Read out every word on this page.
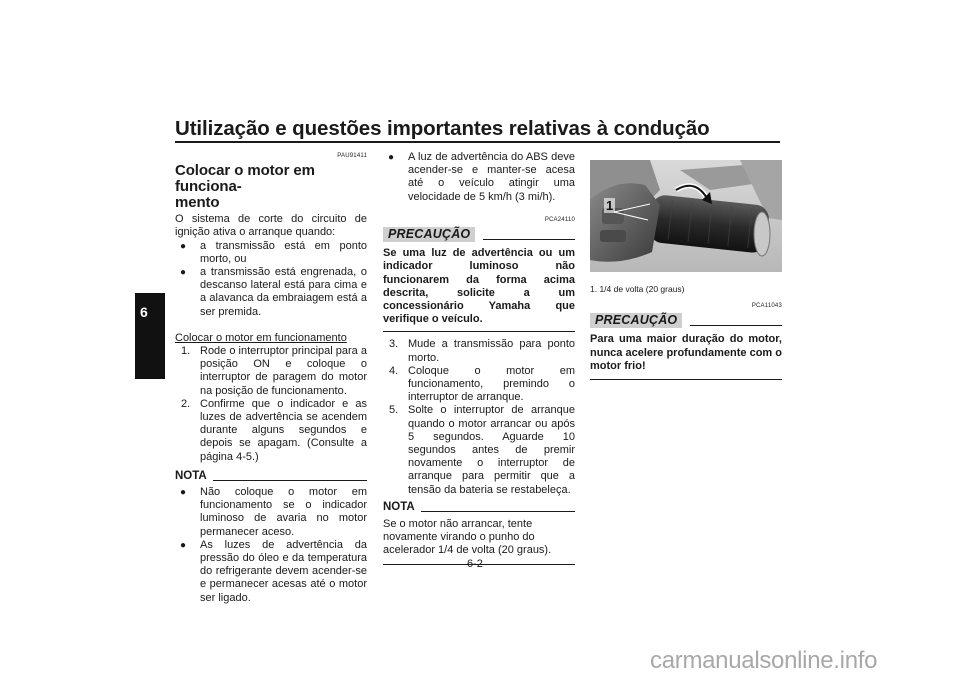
Utilização e questões importantes relativas à condução
6
PAU91411
Colocar o motor em funciona-
mento

O sistema de corte do circuito de ignição ativa o arranque quando:

● a transmissão está em ponto morto, ou
● a transmissão está engrenada, o descanso lateral está para cima e a alavanca da embraiagem está a ser premida.

Colocar o motor em funcionamento

1. Rode o interruptor principal para a posição ON e coloque o interruptor de paragem do motor na posição de funcionamento.
2. Confirme que o indicador e as luzes de advertência se acendem durante alguns segundos e depois se apagam. (Consulte a página 4-5.)
NOTA
● Não coloque o motor em funcionamento se o indicador luminoso de avaria no motor permanecer aceso.
● As luzes de advertência da pressão do óleo e da temperatura do refrigerante devem acender-se e permanecer acesas até o motor ser ligado.
● A luz de advertência do ABS deve acender-se e manter-se acesa até o veículo atingir uma velocidade de 5 km/h (3 mi/h).
PCA24110
PRECAUÇÃO

Se uma luz de advertência ou um indicador luminoso não funcionarem da forma acima descrita, solicite a um concessionário Yamaha que verifique o veículo.

3. Mude a transmissão para ponto morto.
4. Coloque o motor em funcionamento, premindo o interruptor de arranque.
5. Solte o interruptor de arranque quando o motor arrancar ou após 5 segundos. Aguarde 10 segundos antes de premir novamente o interruptor de arranque para permitir que a tensão da bateria se restabeleça.
NOTA

Se o motor não arrancar, tente novamente virando o punho do acelerador 1/4 de volta (20 graus).

1
1. 1/4 de volta (20 graus)
PCA11043
PRECAUÇÃO

Para uma maior duração do motor, nunca acelere profundamente com o motor frio!

6-2
carmanualsonline.info
